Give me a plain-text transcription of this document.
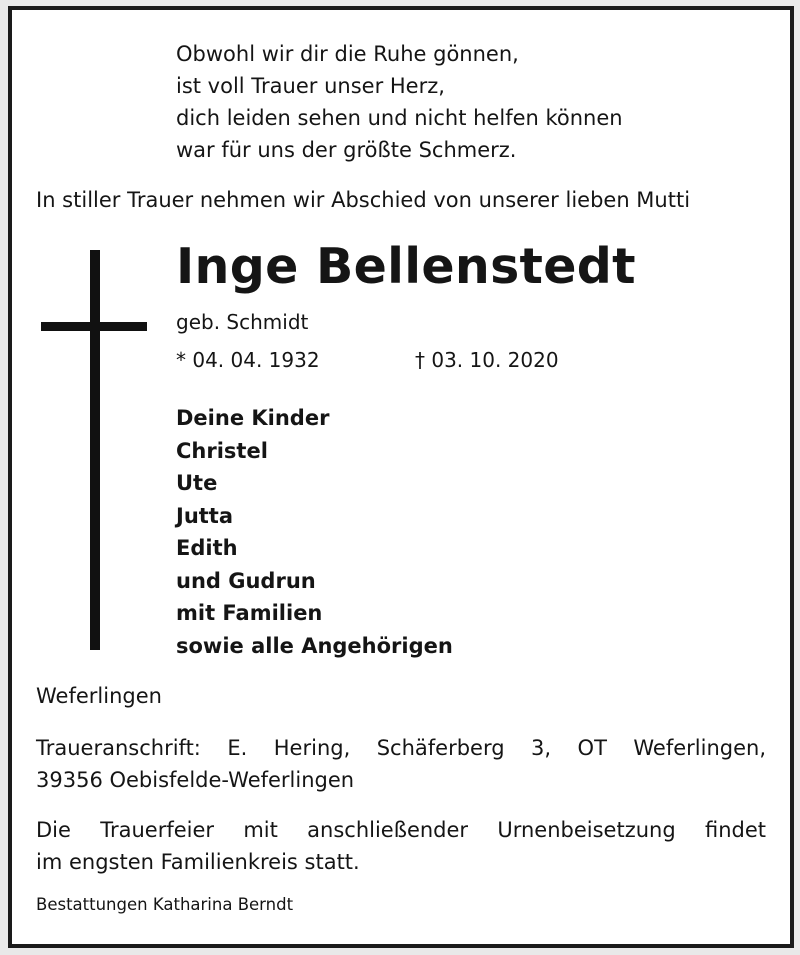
Obwohl wir dir die Ruhe gönnen,
ist voll Trauer unser Herz,
dich leiden sehen und nicht helfen können
war für uns der größte Schmerz.
In stiller Trauer nehmen wir Abschied von unserer lieben Mutti
Inge Bellenstedt
geb. Schmidt
* 04. 04. 1932	† 03. 10. 2020
Deine Kinder
Christel
Ute
Jutta
Edith
und Gudrun
mit Familien
sowie alle Angehörigen
Weferlingen
Traueranschrift: E. Hering, Schäferberg 3, OT Weferlingen,
39356 Oebisfelde-Weferlingen
Die Trauerfeier mit anschließender Urnenbeisetzung findet
im engsten Familienkreis statt.
Bestattungen Katharina Berndt
